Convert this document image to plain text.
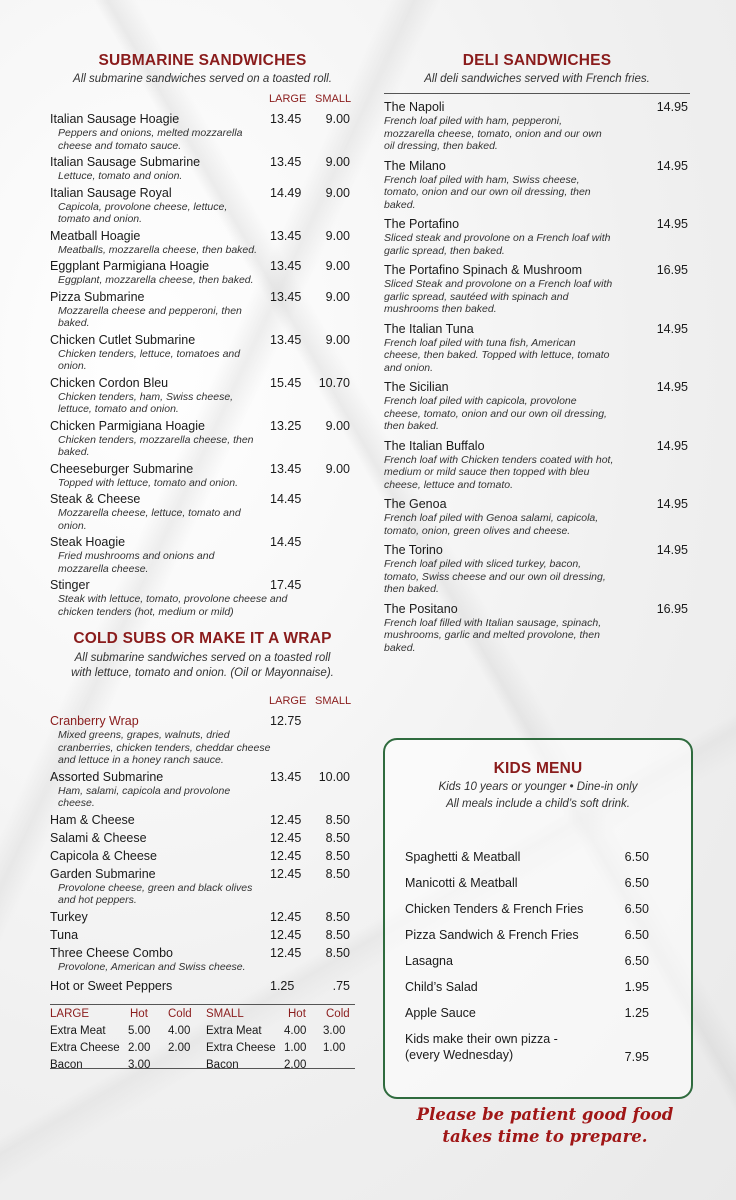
SUBMARINE SANDWICHES
All submarine sandwiches served on a toasted roll.
LARGE SMALL
Italian Sausage Hoagie
Peppers and onions, melted mozzarella cheese and tomato sauce.
13.45	9.00
Italian Sausage Submarine
Lettuce, tomato and onion.
13.45	9.00
Italian Sausage Royal
Capicola, provolone cheese, lettuce, tomato and onion.
14.49	9.00
Meatball Hoagie
Meatballs, mozzarella cheese, then baked.
13.45	9.00
Eggplant Parmigiana Hoagie
Eggplant, mozzarella cheese, then baked.
13.45	9.00
Pizza Submarine
Mozzarella cheese and pepperoni, then baked.
13.45	9.00
Chicken Cutlet Submarine
Chicken tenders, lettuce, tomatoes and onion.
13.45	9.00
Chicken Cordon Bleu
Chicken tenders, ham, Swiss cheese, lettuce, tomato and onion.
15.45 10.70
Chicken Parmigiana Hoagie
Chicken tenders, mozzarella cheese, then baked.
13.25	9.00
Cheeseburger Submarine
Topped with lettuce, tomato and onion.
13.45	9.00
Steak & Cheese
Mozzarella cheese, lettuce, tomato and onion.
14.45
Steak Hoagie
Fried mushrooms and onions and mozzarella cheese.
14.45
Stinger
Steak with lettuce, tomato, provolone cheese and chicken tenders (hot, medium or mild)
17.45
COLD SUBS OR MAKE IT A WRAP
All submarine sandwiches served on a toasted roll
with lettuce, tomato and onion. (Oil or Mayonnaise).
LARGE SMALL
Cranberry Wrap
Mixed greens, grapes, walnuts, dried cranberries, chicken tenders, cheddar cheese and lettuce in a honey ranch sauce.
12.75
Assorted Submarine
Ham, salami, capicola and provolone cheese.
13.45 10.00
Ham & Cheese	12.45	8.50
Salami & Cheese	12.45	8.50
Capicola & Cheese	12.45	8.50
Garden Submarine
Provolone cheese, green and black olives and hot peppers.
12.45	8.50
Turkey	12.45	8.50
Tuna	12.45	8.50
Three Cheese Combo
Provolone, American and Swiss cheese.
12.45	8.50
Hot or Sweet Peppers	1.25	.75
LARGE	Hot Cold SMALL	Hot Cold
Extra Meat 5.00 4.00 Extra Meat 4.00 3.00
Extra Cheese 2.00 2.00 Extra Cheese 1.00 1.00
Bacon	3.00	Bacon	2.00
DELI SANDWICHES
All deli sandwiches served with French fries.
The Napoli
French loaf piled with ham, pepperoni, mozzarella cheese, tomato, onion and our own oil dressing, then baked.
14.95
The Milano
French loaf piled with ham, Swiss cheese, tomato, onion and our own oil dressing, then baked.
14.95
The Portafino
Sliced steak and provolone on a French loaf with garlic spread, then baked.
14.95
The Portafino Spinach & Mushroom
Sliced Steak and provolone on a French loaf with garlic spread, sautéed with spinach and mushrooms then baked.
16.95
The Italian Tuna
French loaf piled with tuna fish, American cheese, then baked. Topped with lettuce, tomato and onion.
14.95
The Sicilian
French loaf piled with capicola, provolone cheese, tomato, onion and our own oil dressing, then baked.
14.95
The Italian Buffalo
French loaf with Chicken tenders coated with hot, medium or mild sauce then topped with bleu cheese, lettuce and tomato.
14.95
The Genoa
French loaf piled with Genoa salami, capicola, tomato, onion, green olives and cheese.
14.95
The Torino
French loaf piled with sliced turkey, bacon, tomato, Swiss cheese and our own oil dressing, then baked.
14.95
The Positano
French loaf filled with Italian sausage, spinach, mushrooms, garlic and melted provolone, then baked.
16.95
KIDS MENU
Kids 10 years or younger • Dine-in only
All meals include a child’s soft drink.
Spaghetti & Meatball	6.50
Manicotti & Meatball	6.50
Chicken Tenders & French Fries	6.50
Pizza Sandwich & French Fries	6.50
Lasagna	6.50
Child’s Salad	1.95
Apple Sauce	1.25
Kids make their own pizza -
(every Wednesday)	7.95
Please be patient good food
takes time to prepare.
